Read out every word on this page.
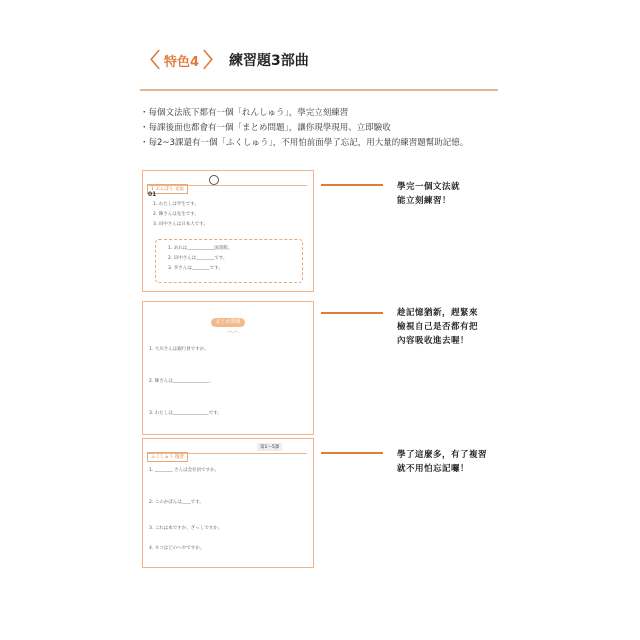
〈 特色4 〉 練習題3部曲
・每個文法底下都有一個「れんしゅう」，學完立刻練習
・每課後面也都會有一個「まとめ問題」，讓你現學現用、立即驗收
・每2~3課還有一個「ふくしゅう」，不用怕前面學了忘記，用大量的練習題幫助記憶。
1 ぶんぽう 文法
01
1. わたしは学生です。
2. 陳さんは先生です。
3. 田中さんは日本人です。
1. あれは____________図書館。
2. 田中さんは________です。
3. 李さんは________です。
まとめ問題
⌒⌒
1. 大川さんは銀行員ですか。
2. 陳さんは________________。
3. わたしは________________です。
ふくしゅう 復習
第1～5課
1. ________ さんは会社員ですか。
2. このかばんは____です。
3. これは本ですか、ざっしですか。
4. ネコはどのへやですか。
學完一個文法就
能立刻練習！
趁記憶猶新，趕緊來
檢視自己是否都有把
內容吸收進去喔！
學了這麼多，有了複習
就不用怕忘記囉！
